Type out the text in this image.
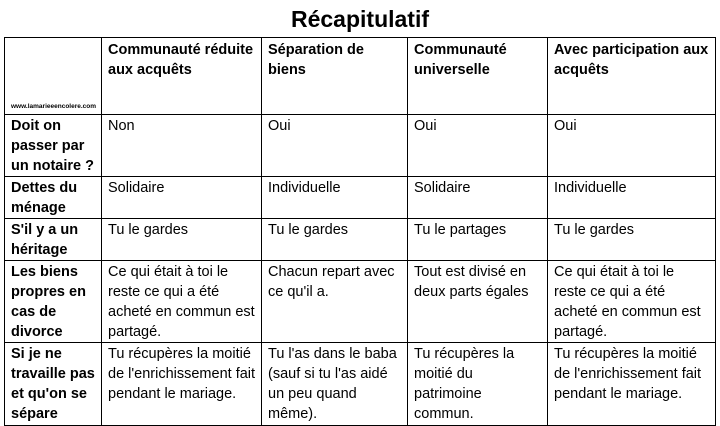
Récapitulatif
www.lamarieeencolere.com	Communauté réduite aux acquêts	Séparation de biens	Communauté universelle	Avec participation aux acquêts
Doit on passer par un notaire ?	Non	Oui	Oui	Oui
Dettes du ménage	Solidaire	Individuelle	Solidaire	Individuelle
S'il y a un héritage	Tu le gardes	Tu le gardes	Tu le partages	Tu le gardes
Les biens propres en cas de divorce	Ce qui était à toi le reste ce qui a été acheté en commun est partagé.	Chacun repart avec ce qu'il a.	Tout est divisé en deux parts égales	Ce qui était à toi le reste ce qui a été acheté en commun est partagé.
Si je ne travaille pas et qu'on se sépare	Tu récupères la moitié de l'enrichissement fait pendant le mariage.	Tu l'as dans le baba (sauf si tu l'as aidé un peu quand même).	Tu récupères la moitié du patrimoine commun.	Tu récupères la moitié de l'enrichissement fait pendant le mariage.
